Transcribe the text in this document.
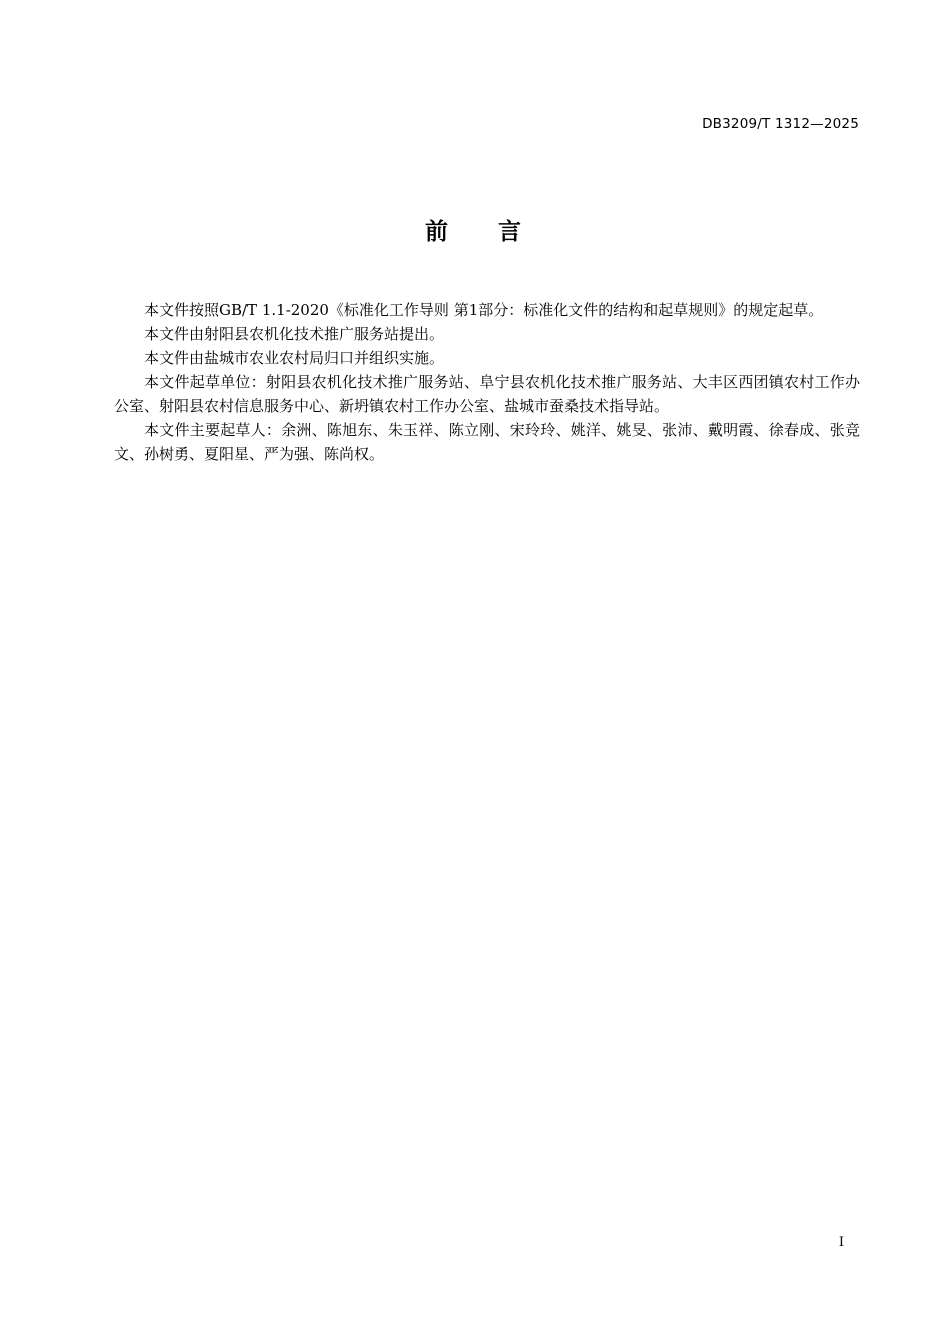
DB3209/T 1312—2025
前 言

本文件按照GB/T 1.1-2020《标准化工作导则 第1部分：标准化文件的结构和起草规则》的规定起草。

本文件由射阳县农机化技术推广服务站提出。

本文件由盐城市农业农村局归口并组织实施。

本文件起草单位：射阳县农机化技术推广服务站、阜宁县农机化技术推广服务站、大丰区西团镇农村工作办公室、射阳县农村信息服务中心、新坍镇农村工作办公室、盐城市蚕桑技术指导站。

本文件主要起草人：余洲、陈旭东、朱玉祥、陈立刚、宋玲玲、姚洋、姚旻、张沛、戴明霞、徐春成、张竞文、孙树勇、夏阳星、严为强、陈尚权。

I
